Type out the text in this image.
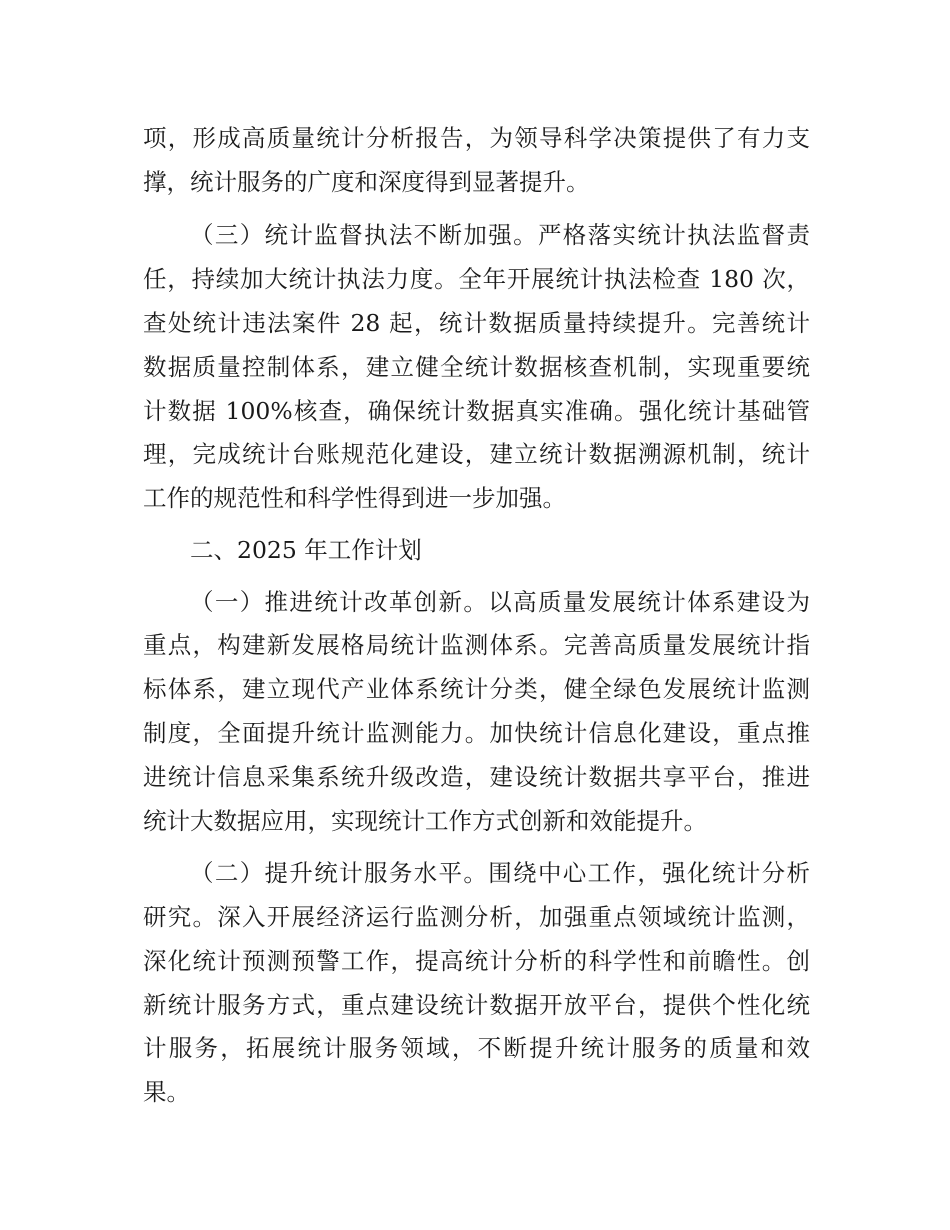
项，形成高质量统计分析报告，为领导科学决策提供了有力支
撑，统计服务的广度和深度得到显著提升。
（三）统计监督执法不断加强。严格落实统计执法监督责
任，持续加大统计执法力度。全年开展统计执法检查 180 次，
查处统计违法案件 28 起，统计数据质量持续提升。完善统计
数据质量控制体系，建立健全统计数据核查机制，实现重要统
计数据 100%核查，确保统计数据真实准确。强化统计基础管
理，完成统计台账规范化建设，建立统计数据溯源机制，统计
工作的规范性和科学性得到进一步加强。
二、2025 年工作计划
（一）推进统计改革创新。以高质量发展统计体系建设为
重点，构建新发展格局统计监测体系。完善高质量发展统计指
标体系，建立现代产业体系统计分类，健全绿色发展统计监测
制度，全面提升统计监测能力。加快统计信息化建设，重点推
进统计信息采集系统升级改造，建设统计数据共享平台，推进
统计大数据应用，实现统计工作方式创新和效能提升。
（二）提升统计服务水平。围绕中心工作，强化统计分析
研究。深入开展经济运行监测分析，加强重点领域统计监测，
深化统计预测预警工作，提高统计分析的科学性和前瞻性。创
新统计服务方式，重点建设统计数据开放平台，提供个性化统
计服务，拓展统计服务领域，不断提升统计服务的质量和效
果。
